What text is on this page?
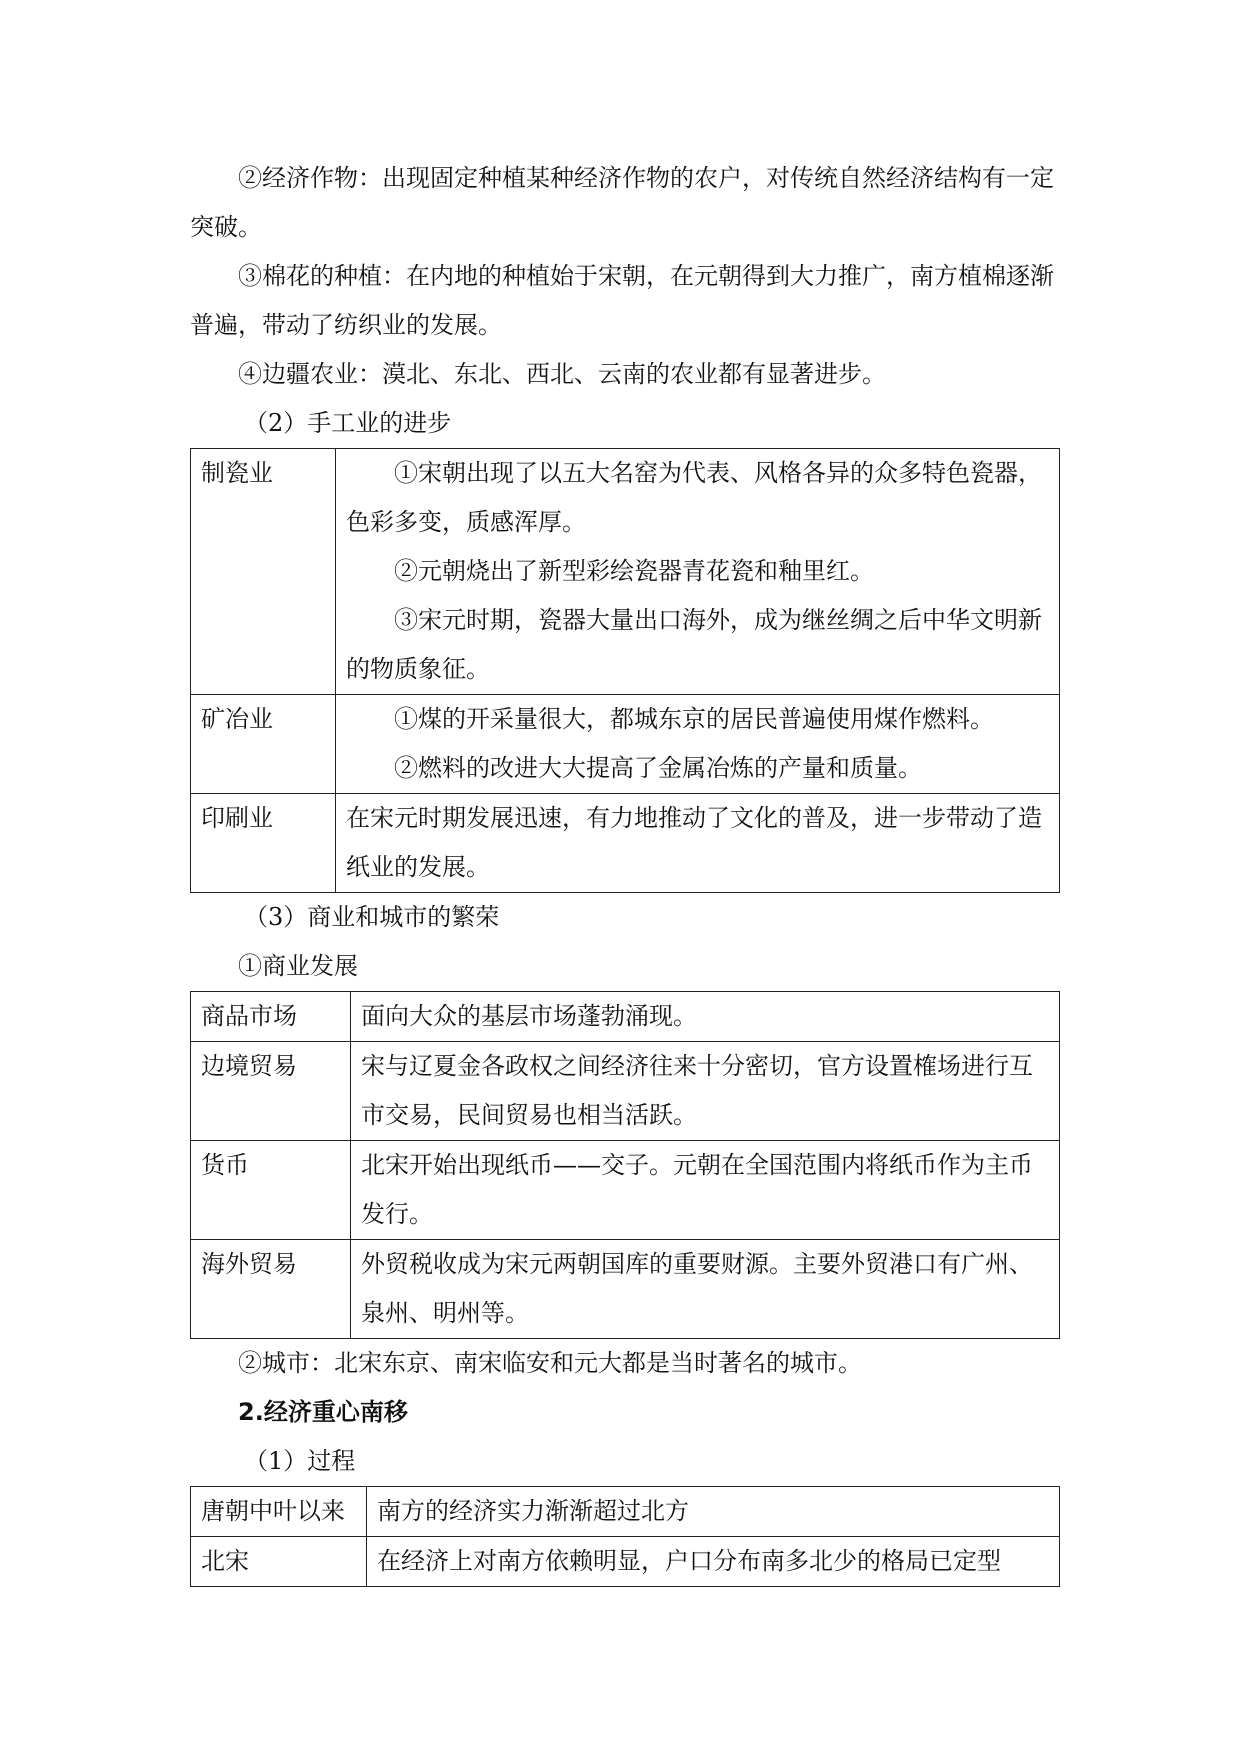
②经济作物：出现固定种植某种经济作物的农户，对传统自然经济结构有一定突破。

③棉花的种植：在内地的种植始于宋朝，在元朝得到大力推广，南方植棉逐渐普遍，带动了纺织业的发展。

④边疆农业：漠北、东北、西北、云南的农业都有显著进步。

（2）手工业的进步

制瓷业	①宋朝出现了以五大名窑为代表、风格各异的众多特色瓷器，色彩多变，质感浑厚。

②元朝烧出了新型彩绘瓷器青花瓷和釉里红。

③宋元时期，瓷器大量出口海外，成为继丝绸之后中华文明新的物质象征。

矿冶业	①煤的开采量很大，都城东京的居民普遍使用煤作燃料。

②燃料的改进大大提高了金属冶炼的产量和质量。

印刷业	在宋元时期发展迅速，有力地推动了文化的普及，进一步带动了造纸业的发展。

（3）商业和城市的繁荣

①商业发展

商品市场	面向大众的基层市场蓬勃涌现。
边境贸易	宋与辽夏金各政权之间经济往来十分密切，官方设置榷场进行互市交易，民间贸易也相当活跃。
货币	北宋开始出现纸币——交子。元朝在全国范围内将纸币作为主币发行。
海外贸易	外贸税收成为宋元两朝国库的重要财源。主要外贸港口有广州、泉州、明州等。

②城市：北宋东京、南宋临安和元大都是当时著名的城市。

2.经济重心南移

（1）过程

唐朝中叶以来	南方的经济实力渐渐超过北方
北宋	在经济上对南方依赖明显，户口分布南多北少的格局已定型
